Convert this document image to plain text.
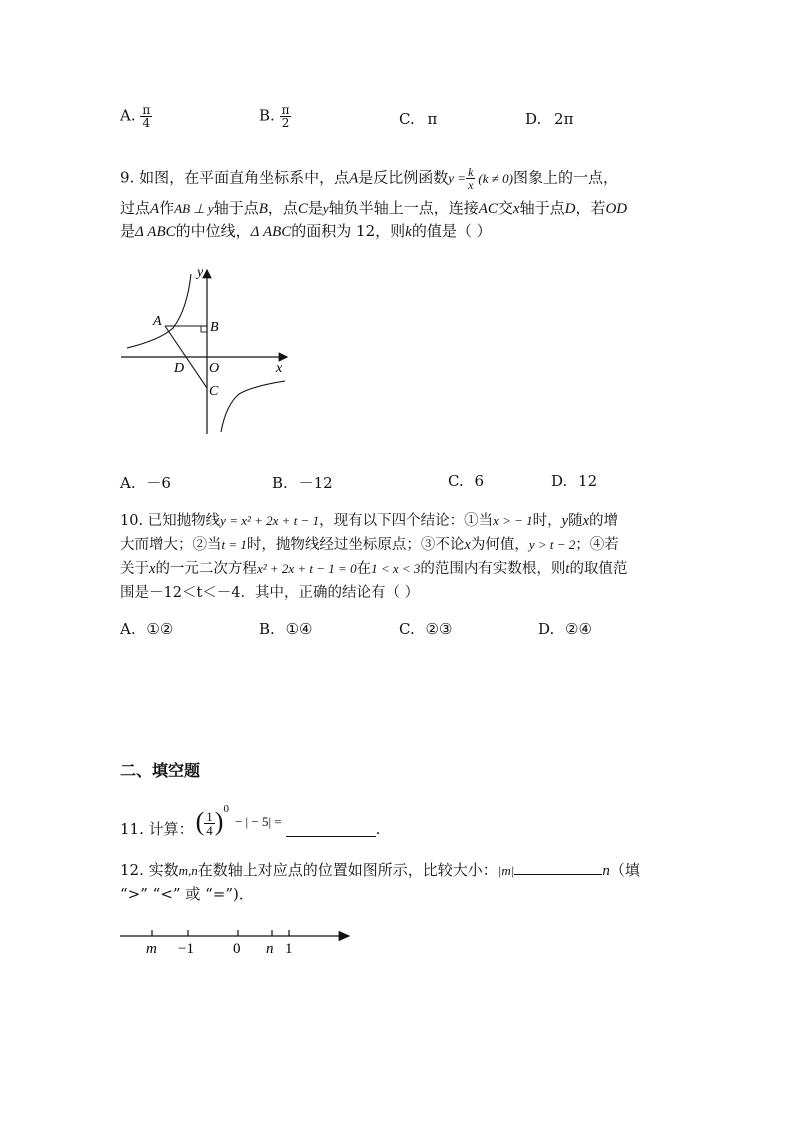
A. $\frac{\pi}{4}$	B. $\frac{\pi}{2}$	C. π	D. 2π
9. 如图，在平面直角坐标系中，点A是反比例函数$y = \frac{k}{x} (k \ne 0)$图象上的一点，
过点A作AB ⊥ y轴于点B，点C是y轴负半轴上一点，连接AC交x轴于点D，若OD
是Δ ABC的中位线，Δ ABC的面积为 12，则k的值是（ ）
y
x
A	B
O
D
C
A. －6	B. －12	C. 6	D. 12
10. 已知抛物线y = x² + 2x + t − 1，现有以下四个结论：①当x > − 1时，y随x的增
大而增大；②当t = 1时，抛物线经过坐标原点；③不论x为何值，y > t − 2；④若
关于x的一元二次方程x² + 2x + t − 1 = 0在1 < x < 3的范围内有实数根，则t的取值范
围是－12＜t＜－4．其中，正确的结论有（ ）
A. ①②	B. ①④	C. ②③	D. ②④
二、填空题
11. 计算： ( $\frac{1}{4}$ ) 0
− | − 5| =	.
12. 实数m,n在数轴上对应点的位置如图所示，比较大小：|m|	n（填
“>” “<” 或 “=”)．
m −1	0 n 1
